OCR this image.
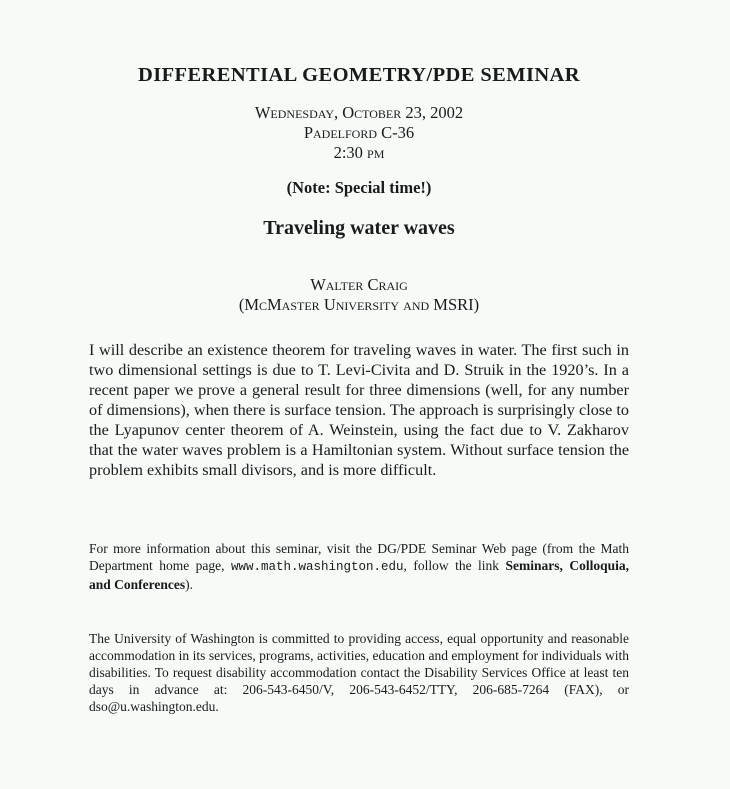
DIFFERENTIAL GEOMETRY/PDE SEMINAR
Wednesday, October 23, 2002
Padelford C-36
2:30 pm
(Note: Special time!)
Traveling water waves
Walter Craig
(McMaster University and MSRI)
I will describe an existence theorem for traveling waves in water. The first such in two dimensional settings is due to T. Levi-Civita and D. Struik in the 1920’s. In a recent paper we prove a general result for three dimensions (well, for any number of dimensions), when there is surface tension. The approach is surprisingly close to the Lyapunov center theorem of A. Weinstein, using the fact due to V. Zakharov that the water waves problem is a Hamiltonian system. Without surface tension the problem exhibits small divisors, and is more difficult.
For more information about this seminar, visit the DG/PDE Seminar Web page (from the Math Department home page, www.math.washington.edu, follow the link Seminars, Colloquia, and Conferences).
The University of Washington is committed to providing access, equal opportunity and reasonable accommodation in its services, programs, activities, education and employment for individuals with disabilities. To request disability accommodation contact the Disability Services Office at least ten days in advance at: 206-543-6450/V, 206-543-6452/TTY, 206-685-7264 (FAX), or dso@u.washington.edu.
